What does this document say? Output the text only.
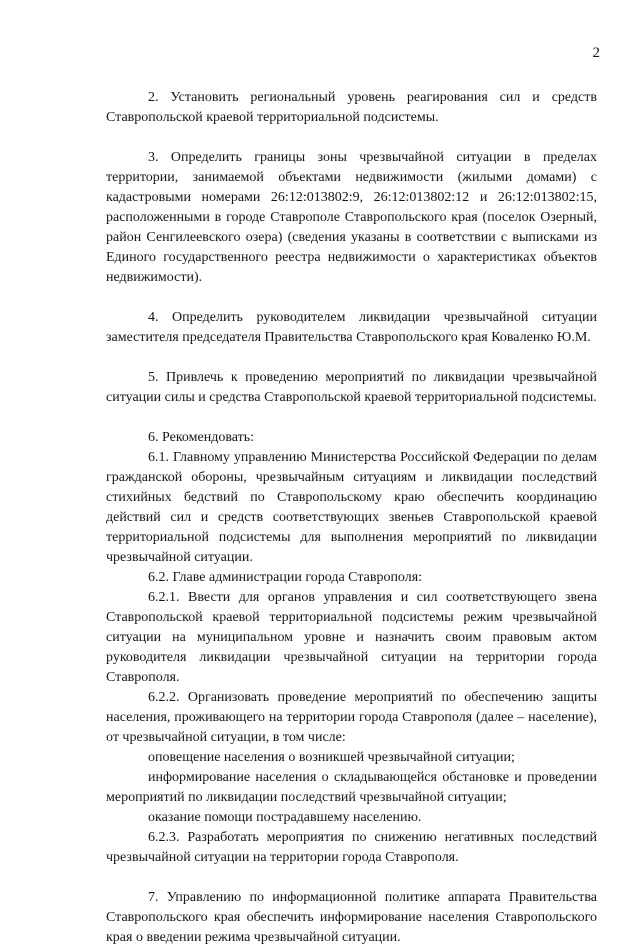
2

2. Установить региональный уровень реагирования сил и средств Ставропольской краевой территориальной подсистемы.

3. Определить границы зоны чрезвычайной ситуации в пределах территории, занимаемой объектами недвижимости (жилыми домами) с кадастровыми номерами 26:12:013802:9, 26:12:013802:12 и 26:12:013802:15, расположенными в городе Ставрополе Ставропольского края (поселок Озерный, район Сенгилеевского озера) (сведения указаны в соответствии с выписками из Единого государственного реестра недвижимости о характеристиках объектов недвижимости).

4. Определить руководителем ликвидации чрезвычайной ситуации заместителя председателя Правительства Ставропольского края Коваленко Ю.М.

5. Привлечь к проведению мероприятий по ликвидации чрезвычайной ситуации силы и средства Ставропольской краевой территориальной подсистемы.

6. Рекомендовать:

6.1. Главному управлению Министерства Российской Федерации по делам гражданской обороны, чрезвычайным ситуациям и ликвидации последствий стихийных бедствий по Ставропольскому краю обеспечить координацию действий сил и средств соответствующих звеньев Ставропольской краевой территориальной подсистемы для выполнения мероприятий по ликвидации чрезвычайной ситуации.

6.2. Главе администрации города Ставрополя:

6.2.1. Ввести для органов управления и сил соответствующего звена Ставропольской краевой территориальной подсистемы режим чрезвычайной ситуации на муниципальном уровне и назначить своим правовым актом руководителя ликвидации чрезвычайной ситуации на территории города Ставрополя.

6.2.2. Организовать проведение мероприятий по обеспечению защиты населения, проживающего на территории города Ставрополя (далее – население), от чрезвычайной ситуации, в том числе:

оповещение населения о возникшей чрезвычайной ситуации;

информирование населения о складывающейся обстановке и проведении мероприятий по ликвидации последствий чрезвычайной ситуации;

оказание помощи пострадавшему населению.

6.2.3. Разработать мероприятия по снижению негативных последствий чрезвычайной ситуации на территории города Ставрополя.

7. Управлению по информационной политике аппарата Правительства Ставропольского края обеспечить информирование населения Ставропольского края о введении режима чрезвычайной ситуации.
